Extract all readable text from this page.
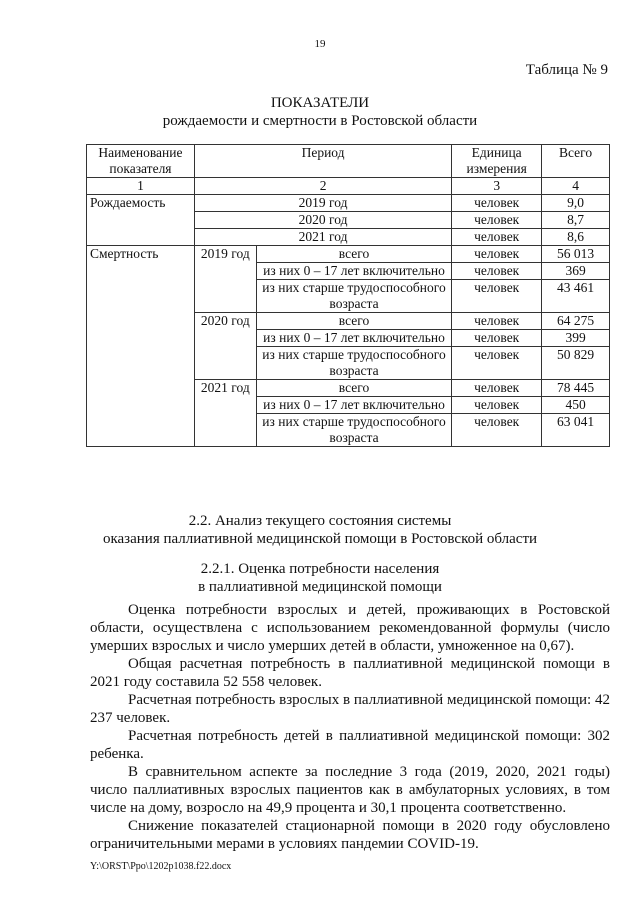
19
Таблица № 9
ПОКАЗАТЕЛИ
рождаемости и смертности в Ростовской области
Наименование показателя	Период		Единица измерения	Всего
1	2		3	4
Рождаемость	2019 год		человек	9,0
	2020 год		человек	8,7
	2021 год		человек	8,6
Смертность	2019 год	всего	человек	56 013
		из них 0 – 17 лет включительно	человек	369
		из них старше трудоспособного возраста	человек	43 461
	2020 год	всего	человек	64 275
		из них 0 – 17 лет включительно	человек	399
		из них старше трудоспособного возраста	человек	50 829
	2021 год	всего	человек	78 445
		из них 0 – 17 лет включительно	человек	450
		из них старше трудоспособного возраста	человек	63 041
2.2. Анализ текущего состояния системы
оказания паллиативной медицинской помощи в Ростовской области
2.2.1. Оценка потребности населения
в паллиативной медицинской помощи

Оценка потребности взрослых и детей, проживающих в Ростовской области, осуществлена с использованием рекомендованной формулы (число умерших взрослых и число умерших детей в области, умноженное на 0,67).

Общая расчетная потребность в паллиативной медицинской помощи в 2021 году составила 52 558 человек.

Расчетная потребность взрослых в паллиативной медицинской помощи: 42 237 человек.

Расчетная потребность детей в паллиативной медицинской помощи: 302 ребенка.

В сравнительном аспекте за последние 3 года (2019, 2020, 2021 годы) число паллиативных взрослых пациентов как в амбулаторных условиях, в том числе на дому, возросло на 49,9 процента и 30,1 процента соответственно.

Снижение показателей стационарной помощи в 2020 году обусловлено ограничительными мерами в условиях пандемии COVID-19.

Y:\ORST\Ppo\1202p1038.f22.docx
